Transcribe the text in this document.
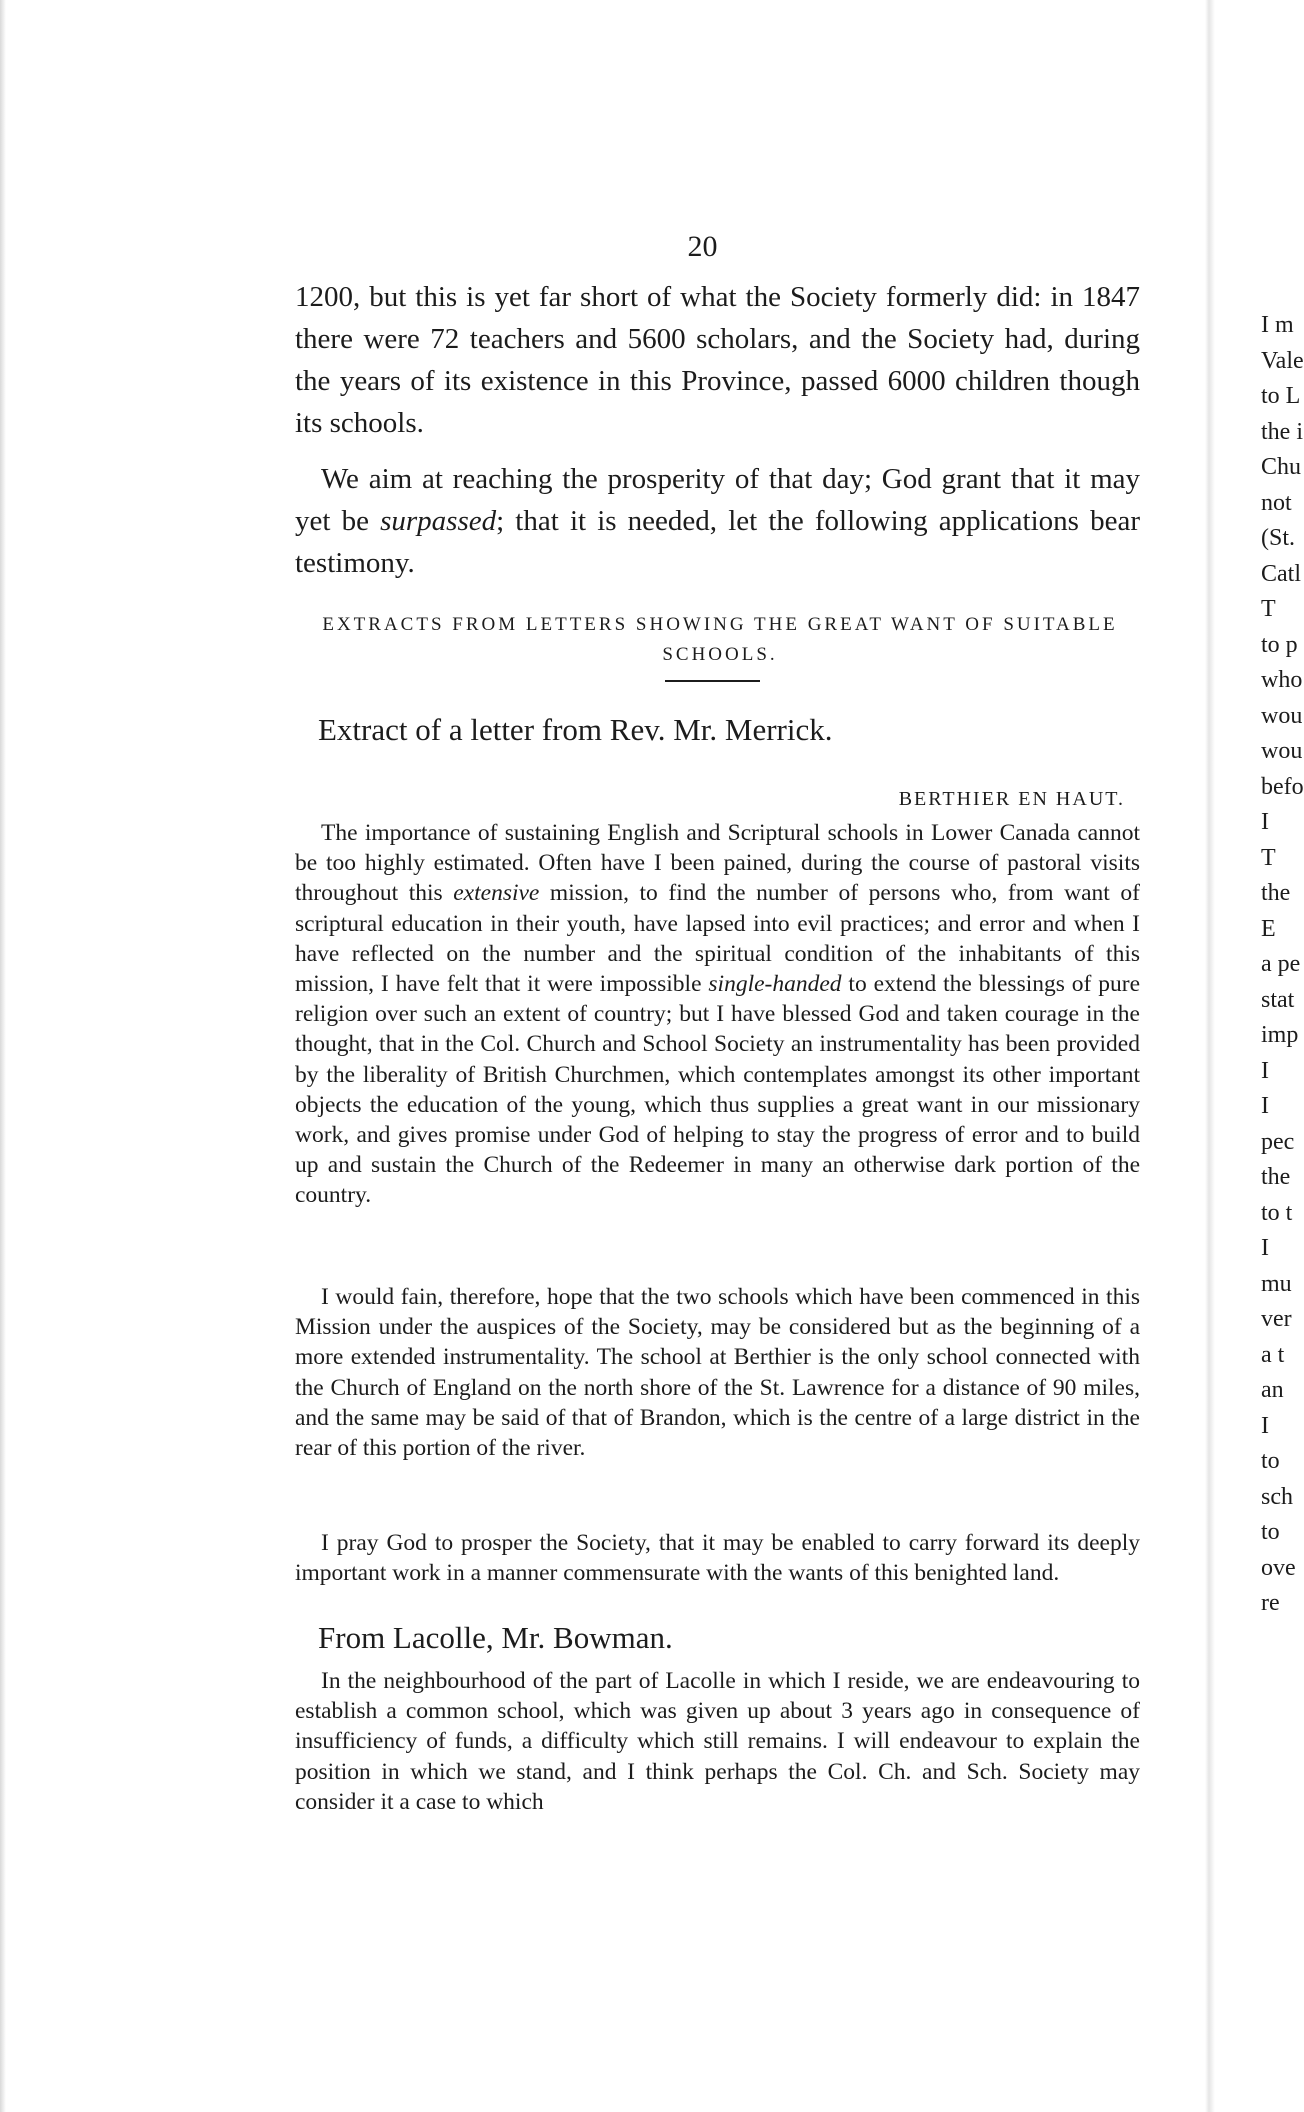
20
1200, but this is yet far short of what the Society formerly did: in 1847 there were 72 teachers and 5600 scholars, and the Society had, during the years of its existence in this Province, passed 6000 children though its schools.
We aim at reaching the prosperity of that day; God grant that it may yet be surpassed; that it is needed, let the following applications bear testimony.
EXTRACTS FROM LETTERS SHOWING THE GREAT WANT OF SUITABLE SCHOOLS.
Extract of a letter from Rev. Mr. Merrick.
BERTHIER EN HAUT.
The importance of sustaining English and Scriptural schools in Lower Canada cannot be too highly estimated. Often have I been pained, during the course of pastoral visits throughout this extensive mission, to find the number of persons who, from want of scriptural education in their youth, have lapsed into evil practices; and error and when I have reflected on the number and the spiritual condition of the inhabitants of this mission, I have felt that it were impossible single-handed to extend the blessings of pure religion over such an extent of country; but I have blessed God and taken courage in the thought, that in the Col. Church and School Society an instrumentality has been provided by the liberality of British Churchmen, which contemplates amongst its other important objects the education of the young, which thus supplies a great want in our missionary work, and gives promise under God of helping to stay the progress of error and to build up and sustain the Church of the Redeemer in many an otherwise dark portion of the country.
I would fain, therefore, hope that the two schools which have been commenced in this Mission under the auspices of the Society, may be considered but as the beginning of a more extended instrumentality. The school at Berthier is the only school connected with the Church of England on the north shore of the St. Lawrence for a distance of 90 miles, and the same may be said of that of Brandon, which is the centre of a large district in the rear of this portion of the river.
I pray God to prosper the Society, that it may be enabled to carry forward its deeply important work in a manner commensurate with the wants of this benighted land.
From Lacolle, Mr. Bowman.
In the neighbourhood of the part of Lacolle in which I reside, we are endeavouring to establish a common school, which was given up about 3 years ago in consequence of insufficiency of funds, a difficulty which still remains. I will endeavour to explain the position in which we stand, and I think perhaps the Col. Ch. and Sch. Society may consider it a case to which
I m
Vale
to L
the i
Chu
not
(St.
Catl
T
to p
who
wou
wou
befo
I
T
the
E
a pe
stat
imp
I
I
pec
the
to t
I
mu
ver
a t
an
I
to
sch
to
ove
re
